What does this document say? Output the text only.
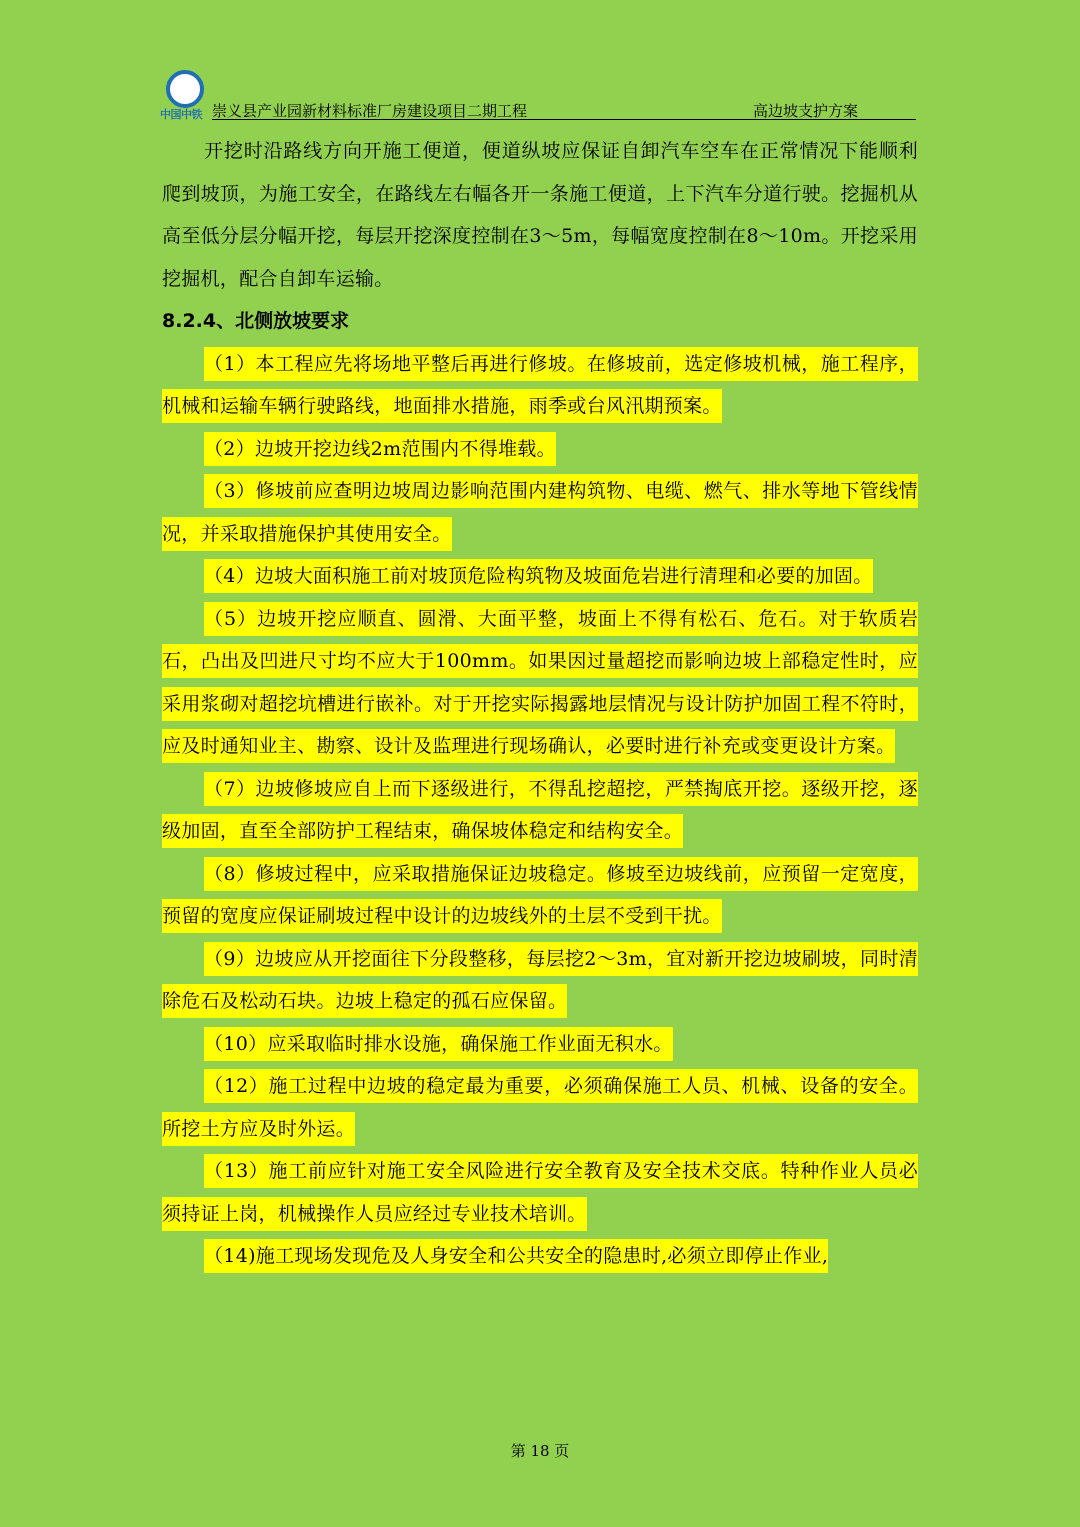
中国中铁 崇义县产业园新材料标准厂房建设项目二期工程	高边坡支护方案

开挖时沿路线方向开施工便道，便道纵坡应保证自卸汽车空车在正常情况下能顺利爬到坡顶，为施工安全，在路线左右幅各开一条施工便道，上下汽车分道行驶。挖掘机从高至低分层分幅开挖，每层开挖深度控制在3～5m，每幅宽度控制在8～10m。开挖采用挖掘机，配合自卸车运输。

8.2.4、北侧放坡要求

（1）本工程应先将场地平整后再进行修坡。在修坡前，选定修坡机械，施工程序，机械和运输车辆行驶路线，地面排水措施，雨季或台风汛期预案。

（2）边坡开挖边线2m范围内不得堆载。

（3）修坡前应查明边坡周边影响范围内建构筑物、电缆、燃气、排水等地下管线情况，并采取措施保护其使用安全。

（4）边坡大面积施工前对坡顶危险构筑物及坡面危岩进行清理和必要的加固。

（5）边坡开挖应顺直、圆滑、大面平整，坡面上不得有松石、危石。对于软质岩石，凸出及凹进尺寸均不应大于100mm。如果因过量超挖而影响边坡上部稳定性时，应采用浆砌对超挖坑槽进行嵌补。对于开挖实际揭露地层情况与设计防护加固工程不符时，应及时通知业主、勘察、设计及监理进行现场确认，必要时进行补充或变更设计方案。

（7）边坡修坡应自上而下逐级进行，不得乱挖超挖，严禁掏底开挖。逐级开挖，逐级加固，直至全部防护工程结束，确保坡体稳定和结构安全。

（8）修坡过程中，应采取措施保证边坡稳定。修坡至边坡线前，应预留一定宽度，预留的宽度应保证刷坡过程中设计的边坡线外的土层不受到干扰。

（9）边坡应从开挖面往下分段整移，每层挖2～3m，宜对新开挖边坡刷坡，同时清除危石及松动石块。边坡上稳定的孤石应保留。

（10）应采取临时排水设施，确保施工作业面无积水。

（12）施工过程中边坡的稳定最为重要，必须确保施工人员、机械、设备的安全。所挖土方应及时外运。

（13）施工前应针对施工安全风险进行安全教育及安全技术交底。特种作业人员必须持证上岗，机械操作人员应经过专业技术培训。

（14)施工现场发现危及人身安全和公共安全的隐患时,必须立即停止作业,

第 18 页
